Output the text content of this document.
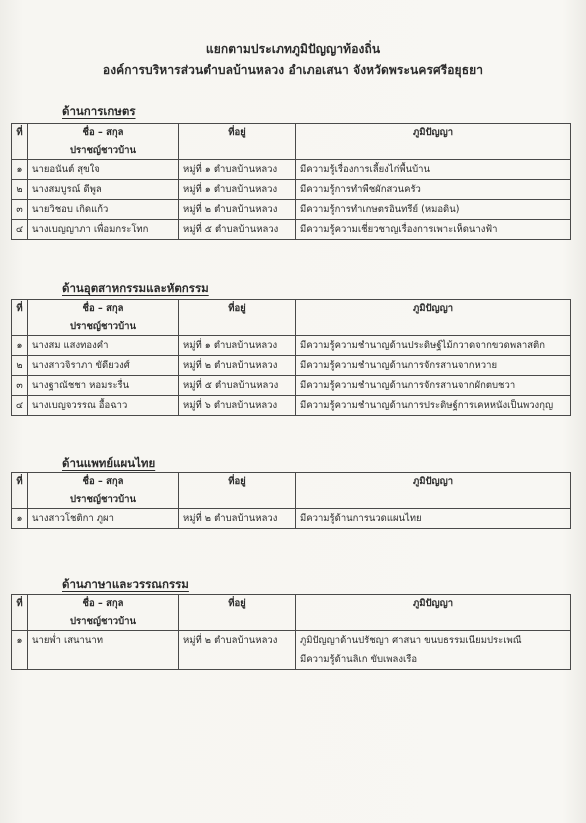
แยกตามประเภทภูมิปัญญาท้องถิ่น
องค์การบริหารส่วนตำบลบ้านหลวง อำเภอเสนา จังหวัดพระนครศรีอยุธยา
ด้านการเกษตร
ที่	ชื่อ – สกุล	ที่อยู่	ภูมิปัญญา
	ปราชญ์ชาวบ้าน		
๑	นายอนันต์ สุขใจ	หมู่ที่ ๑ ตำบลบ้านหลวง	มีความรู้เรื่องการเลี้ยงไก่พื้นบ้าน
๒	นางสมบูรณ์ ดีพูล	หมู่ที่ ๑ ตำบลบ้านหลวง	มีความรู้การทำพืชผักสวนครัว
๓	นายวิชอบ เกิดแก้ว	หมู่ที่ ๒ ตำบลบ้านหลวง	มีความรู้การทำเกษตรอินทรีย์ (หมอดิน)
๔	นางเบญญาภา เพื่อมกระโทก	หมู่ที่ ๕ ตำบลบ้านหลวง	มีความรู้ความเชี่ยวชาญเรื่องการเพาะเห็ดนางฟ้า
ด้านอุตสาหกรรมและหัตกรรม
ที่	ชื่อ – สกุล	ที่อยู่	ภูมิปัญญา
	ปราชญ์ชาวบ้าน		
๑	นางสม แสงทองคำ	หมู่ที่ ๑ ตำบลบ้านหลวง	มีความรู้ความชำนาญด้านประดิษฐ์ไม้กวาดจากขวดพลาสติก
๒	นางสาวจิราภา ขัดียวงศ์	หมู่ที่ ๒ ตำบลบ้านหลวง	มีความรู้ความชำนาญด้านการจักรสานจากหวาย
๓	นางฐาณัชชา หอมระรื่น	หมู่ที่ ๕ ตำบลบ้านหลวง	มีความรู้ความชำนาญด้านการจักรสานจากผักตบชวา
๔	นางเบญจวรรณ อื้อฉาว	หมู่ที่ ๖ ตำบลบ้านหลวง	มีความรู้ความชำนาญด้านการประดิษฐ์การเคหหนังเป็นพวงกุญ
ด้านแพทย์แผนไทย
ที่	ชื่อ – สกุล	ที่อยู่	ภูมิปัญญา
	ปราชญ์ชาวบ้าน		
๑	นางสาวโชติกา ภูผา	หมู่ที่ ๒ ตำบลบ้านหลวง	มีความรู้ด้านการนวดแผนไทย
ด้านภาษาและวรรณกรรม
ที่	ชื่อ – สกุล	ที่อยู่	ภูมิปัญญา
	ปราชญ์ชาวบ้าน		
๑	นายพ่ำ เสนานาท	หมู่ที่ ๒ ตำบลบ้านหลวง	ภูมิปัญญาด้านปรัชญา ศาสนา ขนบธรรมเนียมประเพณี
มีความรู้ด้านลิเก ขับเพลงเรือ
